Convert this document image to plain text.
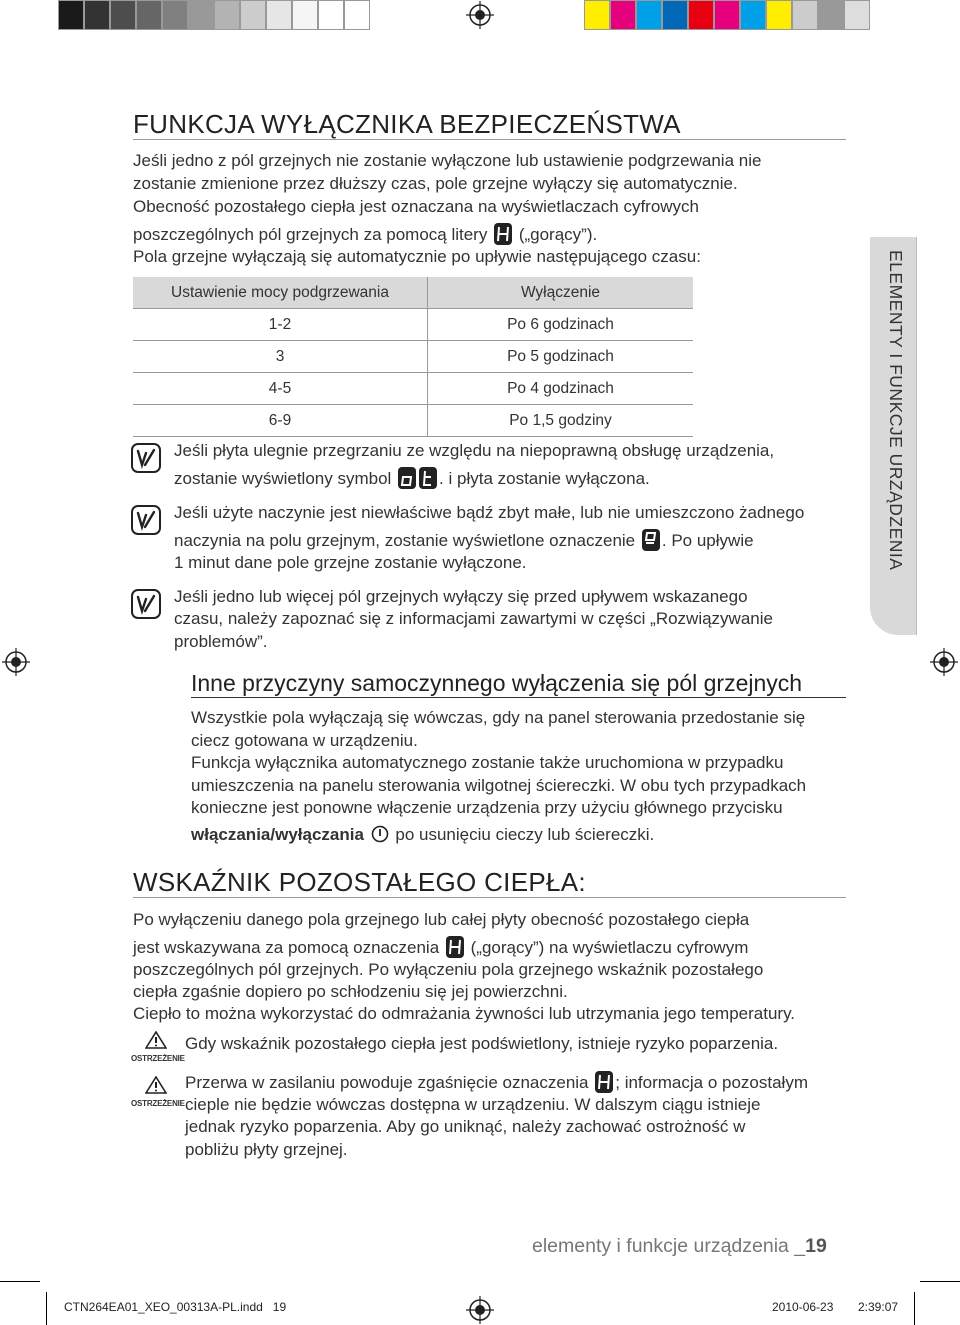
FUNKCJA WYŁĄCZNIKA BEZPIECZEŃSTWA

Jeśli jedno z pól grzejnych nie zostanie wyłączone lub ustawienie podgrzewania nie

zostanie zmienione przez dłuższy czas, pole grzejne wyłączy się automatycznie.

Obecność pozostałego ciepła jest oznaczana na wyświetlaczach cyfrowych

poszczególnych pól grzejnych za pomocą litery („gorący”).

Pola grzejne wyłączają się automatycznie po upływie następującego czasu:

Ustawienie mocy podgrzewania	Wyłączenie
1-2	Po 6 godzinach
3	Po 5 godzinach
4-5	Po 4 godzinach
6-9	Po 1,5 godziny

Jeśli płyta ulegnie przegrzaniu ze względu na niepoprawną obsługę urządzenia,

zostanie wyświetlony symbol	. i płyta zostanie wyłączona.

Jeśli użyte naczynie jest niewłaściwe bądź zbyt małe, lub nie umieszczono żadnego

naczynia na polu grzejnym, zostanie wyświetlone oznaczenie . Po upływie

1 minut dane pole grzejne zostanie wyłączone.

Jeśli jedno lub więcej pól grzejnych wyłączy się przed upływem wskazanego

czasu, należy zapoznać się z informacjami zawartymi w części „Rozwiązywanie

problemów”.

Inne przyczyny samoczynnego wyłączenia się pól grzejnych

Wszystkie pola wyłączają się wówczas, gdy na panel sterowania przedostanie się

ciecz gotowana w urządzeniu.

Funkcja wyłącznika automatycznego zostanie także uruchomiona w przypadku

umieszczenia na panelu sterowania wilgotnej ściereczki. W obu tych przypadkach

konieczne jest ponowne włączenie urządzenia przy użyciu głównego przycisku

włączania/wyłączania po usunięciu cieczy lub ściereczki.

WSKAŹNIK POZOSTAŁEGO CIEPŁA:

Po wyłączeniu danego pola grzejnego lub całej płyty obecność pozostałego ciepła

jest wskazywana za pomocą oznaczenia („gorący”) na wyświetlaczu cyfrowym

poszczególnych pól grzejnych. Po wyłączeniu pola grzejnego wskaźnik pozostałego

ciepła zgaśnie dopiero po schłodzeniu się jej powierzchni.

Ciepło to można wykorzystać do odmrażania żywności lub utrzymania jego temperatury.

OSTRZEŻENIE

Gdy wskaźnik pozostałego ciepła jest podświetlony, istnieje ryzyko poparzenia.

OSTRZEŻENIE

Przerwa w zasilaniu powoduje zgaśnięcie oznaczenia ; informacja o pozostałym

cieple nie będzie wówczas dostępna w urządzeniu. W dalszym ciągu istnieje

jednak ryzyko poparzenia. Aby go uniknąć, należy zachować ostrożność w

pobliżu płyty grzejnej.

ELEMENTY I FUNKCJE URZĄDZENIA
elementy i funkcje urządzenia _19
CTN264EA01_XEO_00313A-PL.indd   19	2010-06-23 2:39:07
